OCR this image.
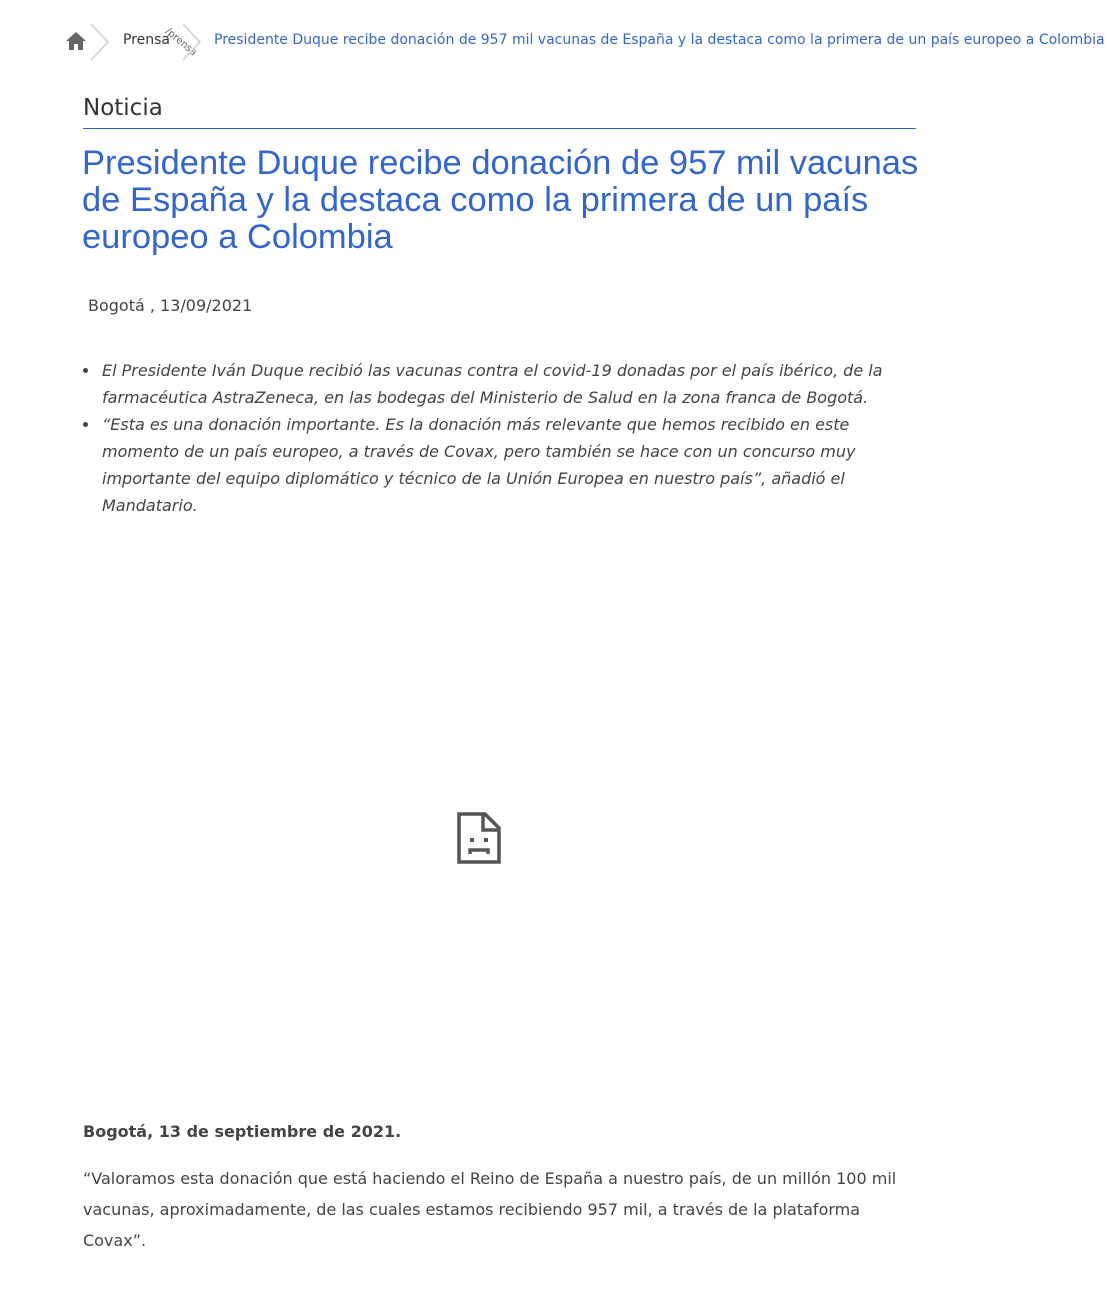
Prensa
/prensa Presidente Duque recibe donación de 957 mil vacunas de España y la destaca como la primera de un país europeo a Colombia
Noticia
Presidente Duque recibe donación de 957 mil vacunas de España y la destaca como la primera de un país europeo a Colombia
Bogotá , 13/09/2021
El Presidente Iván Duque recibió las vacunas contra el covid-19 donadas por el país ibérico, de la farmacéutica AstraZeneca, en las bodegas del Ministerio de Salud en la zona franca de Bogotá.
“Esta es una donación importante. Es la donación más relevante que hemos recibido en este momento de un país europeo, a través de Covax, pero también se hace con un concurso muy importante del equipo diplomático y técnico de la Unión Europea en nuestro país”, añadió el Mandatario.
Bogotá, 13 de septiembre de 2021.

“Valoramos esta donación que está haciendo el Reino de España a nuestro país, de un millón 100 mil vacunas, aproximadamente, de las cuales estamos recibiendo 957 mil, a través de la plataforma Covax”.
